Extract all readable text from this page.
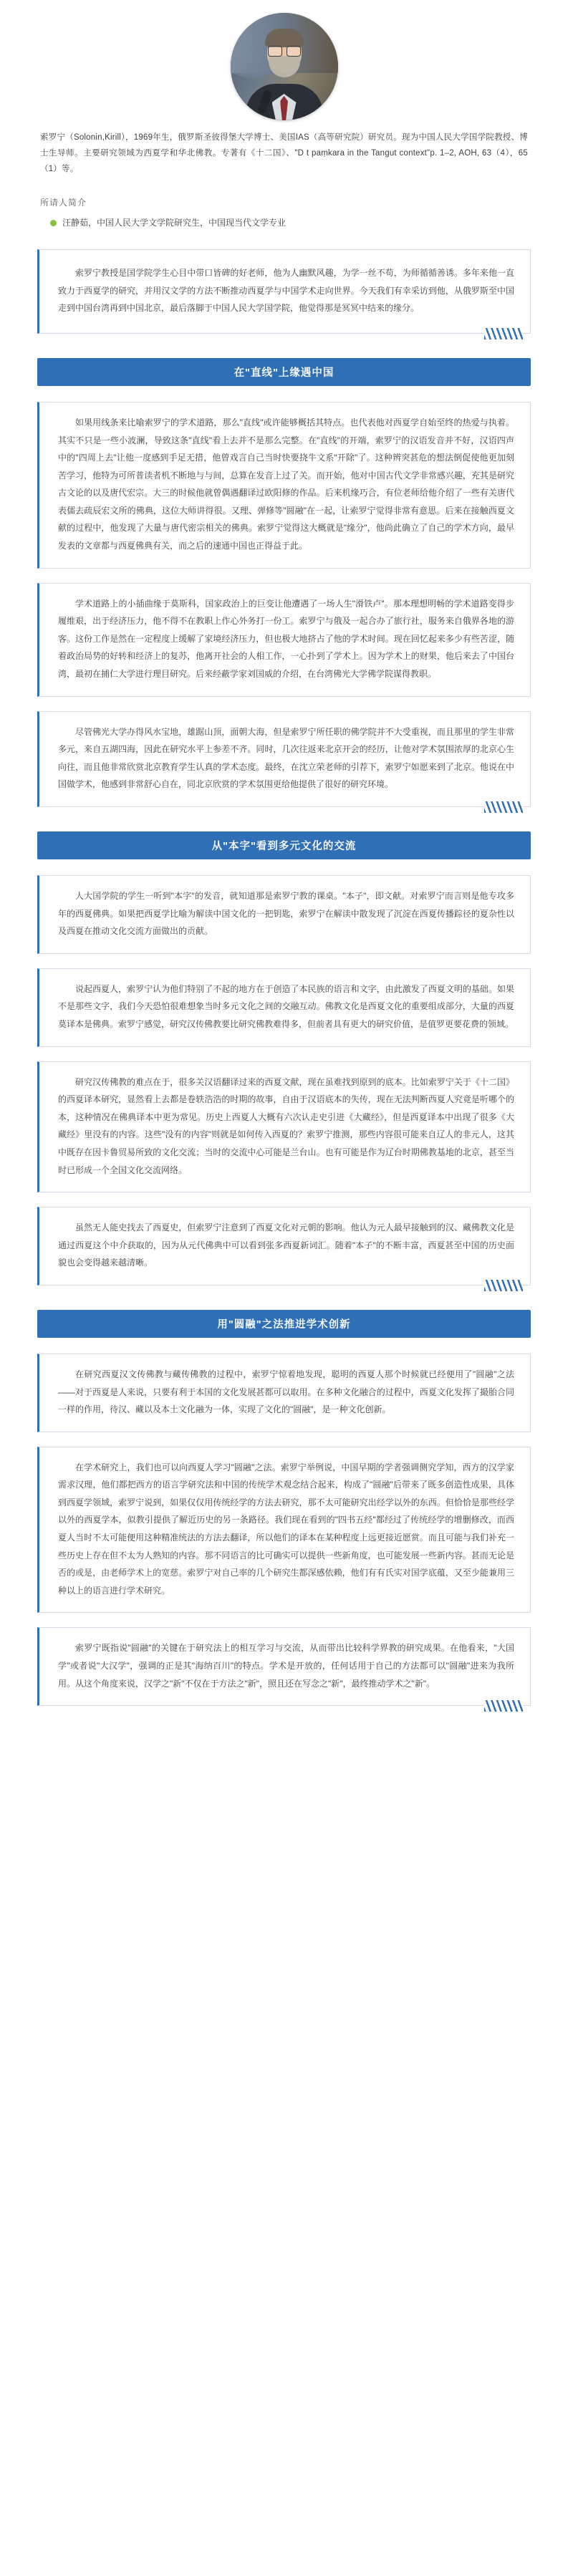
索罗宁（Solonin,Kirill），1969年生，俄罗斯圣彼得堡大学博士、美国IAS（高等研究院）研究员。现为中国人民大学国学院教授、博士生导师。主要研究领域为西夏学和华北佛教。专著有《十二国》、"D t paṃkara in the Tangut context"p. 1–2, AOH, 63（4），65（1）等。
所请人简介
汪静茹，中国人民大学文学院研究生，中国现当代文学专业

索罗宁教授是国学院学生心目中带口皆碑的好老师，他为人幽默风趣，为学一丝不苟，为师循循善诱。多年来他一直致力于西夏学的研究，并用汉文学的方法不断推动西夏学与中国学术走向世界。今天我们有幸采访到他，从俄罗斯至中国走到中国台湾再到中国北京，最后落脚于中国人民大学国学院，他觉得那是冥冥中结来的缘分。

在"直线"上缘遇中国

如果用线条来比喻索罗宁的学术道路，那么"直线"或许能够概括其特点。也代表他对西夏学自始至终的热爱与执着。其实不只是一些小波澜，导致这条"直线"看上去并不是那么完整。在"直线"的开端，索罗宁的汉语发音并不好，汉语四声中的"四周上去"让他一度感到手足无措，他曾戏言自己当时快要挠牛文系"开除"了。这种辨突甚危的想法倒促使他更加刻苦学习，他特为可所普读者机不断地与与间，总算在发音上过了关。而开始，他对中国古代文学非常感兴趣，充其是研究古文论的以及唐代宏宗。大三的时候他就曾偶遇翻译过欧阳修的作品。后来机缘巧合，有位老师给他介绍了一些有关唐代表儒去疏辰宏文所的佛典，这位大师讲得很。又理、弹修等"圆融"在一起，让索罗宁觉得非常有意思。后来在接触西夏文献的过程中，他发现了大量与唐代密宗相关的佛典。索罗宁觉得这大概就是"缘分"，他尚此确立了自己的学术方向，最早发表的文章都与西夏佛典有关，而之后的速通中国也正得益于此。

学术道路上的小插曲缘于莫斯科，国家政治上的巨变让他遭遇了一场人生"滑铁卢"。那本理想明畅的学术道路变得步履维艰，出于经济压力，他不得不在教职上作心外务打一份工。索罗宁与俄及一起合办了旅行社，服务来自俄界各地的游客。这份工作是然在一定程度上缓解了家境经济压力，但也极大地挤占了他的学术时间。现在回忆起来多少有些苦涩，随着政治局势的好转和经济上的复苏，他离开社会的人相工作，一心扑到了学术上。因为学术上的财果，他后来去了中国台湾，最初在捕仁大学进行理目研究。后来经蔽学家刘国威的介绍，在台湾佛光大学佛学院谋得教职。

尽管佛光大学办得风水宝地，雄踞山顶，面朝大海，但是索罗宁所任职的佛学院并不大受重视，而且那里的学生非常多元，来自五湖四海，因此在研究水平上参差不齐。同时，几次往返来北京开会的经历，让他对学术氛围浓厚的北京心生向往，而且他非常欣赏北京教育学生认真的学术态度。最终，在沈立荣老师的引荐下，索罗宁如愿来到了北京。他说在中国做学术，他感到非常舒心自在，同北京欣赏的学术氛围更给他提供了很好的研究环境。

从"本字"看到多元文化的交流

人大国学院的学生一听到"本字"的发音，就知道那是索罗宁教的课桌。"本子"，即文献。对索罗宁而言则是他专攻多年的西夏佛典。如果把西夏学比喻为解读中国文化的一把钥匙，索罗宁在解读中散发现了沉淀在西夏传播踪径的夏杂性以及西夏在推动文化交流方面做出的贡献。

说起西夏人，索罗宁认为他们特别了不起的地方在于创造了本民族的语言和文字，由此激发了西夏文明的基础。如果不是那些文字，我们今天恐怕很难想象当时多元文化之间的交融互动。佛教文化是西夏文化的重要组成部分，大量的西夏莫译本是佛典。索罗宁感觉，研究汉传佛教要比研究佛教难得多，但前者具有更大的研究价值，是值罗更要花费的领域。

研究汉传佛教的难点在于，很多关汉语翻译过来的西夏文献，现在虽难找到原到的底本。比如索罗宁关于《十二国》的西夏译本研究，显然看上去都是卷轶浩浩的时期的故事，自由于汉语底本的失传，现在无法判断西夏人究竟是听哪个的本，这种情况在佛典译本中更为常见。历史上西夏人大概有六次认走史引进《大藏经》，但是西夏译本中出现了很多《大藏经》里没有的内容。这些"没有的内容"则就是如何传入西夏的？索罗宁推测，那些内容很可能来自辽人的非元人，这其中既存在因卡鲁贸易所致的文化交流；当时的交流中心可能是兰台山。也有可能是作为辽台时期佛教基地的北京，甚至当时已形成一个全国文化交流网络。

虽然无人能史找去了西夏史，但索罗宁注意到了西夏文化对元朝的影响。他认为元人最早接触到的汉、藏佛教文化是通过西夏这个中介获取的，因为从元代佛典中可以看到张多西夏新词汇。随着"本子"的不断丰富，西夏甚至中国的历史面貌也会变得越来越清晰。

用"圆融"之法推进学术创新

在研究西夏汉文传佛教与藏传佛教的过程中，索罗宁惊着地发现，聪明的西夏人那个时候就已经便用了"圆融"之法——对于西夏是人来说，只要有利于本国的文化发展甚都可以取用。在多种文化融合的过程中，西夏文化发挥了撮胎合同一样的作用，待汉、藏以及本土文化融为一体，实现了文化的"圆融"，是一种文化创新。

在学术研究上，我们也可以向西夏人学习"圆融"之法。索罗宁举例说，中国早期的学者强调侧究学知，西方的汉学家需求汉理，他们都把西方的语言学研究法和中国的传统学术观念结合起来，构成了"圆融"后带来了既多创造性成果，具体到西夏学领域，索罗宁说到，如果仅仅用传统经学的方法去研究，那不太可能研究出经学以外的东西。但恰恰是那些经学以外的西夏学本，似教引提供了解近历史的另一条路径。我们现在看到的"四书五经"都经过了传统经学的增删修改，而西夏人当时不太可能便用这种精准统法的方法去翻译，所以他们的译本在某种程度上远更接近愿赏。而且可能与我们补充一些历史上存在但不太为人熟知的内容。那不同语言的比可确实可以提供一些新角度，也可能发展一些新内容。甚而无论是否的或是，由老师学术上的宽慈。索罗宁对自己率的几个研究生都深感依赖，他们有有氏实对国学底蕴，又至少能兼用三种以上的语言进行学术研究。

索罗宁既指说"圆融"的关键在于研究法上的相互学习与交流，从而带出比较科学界教的研究成果。在他看来，"大国学"或者说"大汉学"，强调的正是其"海纳百川"的特点。学术是开放的，任何话用于自己的方法都可以"圆融"进来为我所用。从这个角度来说，汉学之"新"不仅在于方法之"新"，照且还在写念之"新"，最终推动学术之"新"。
